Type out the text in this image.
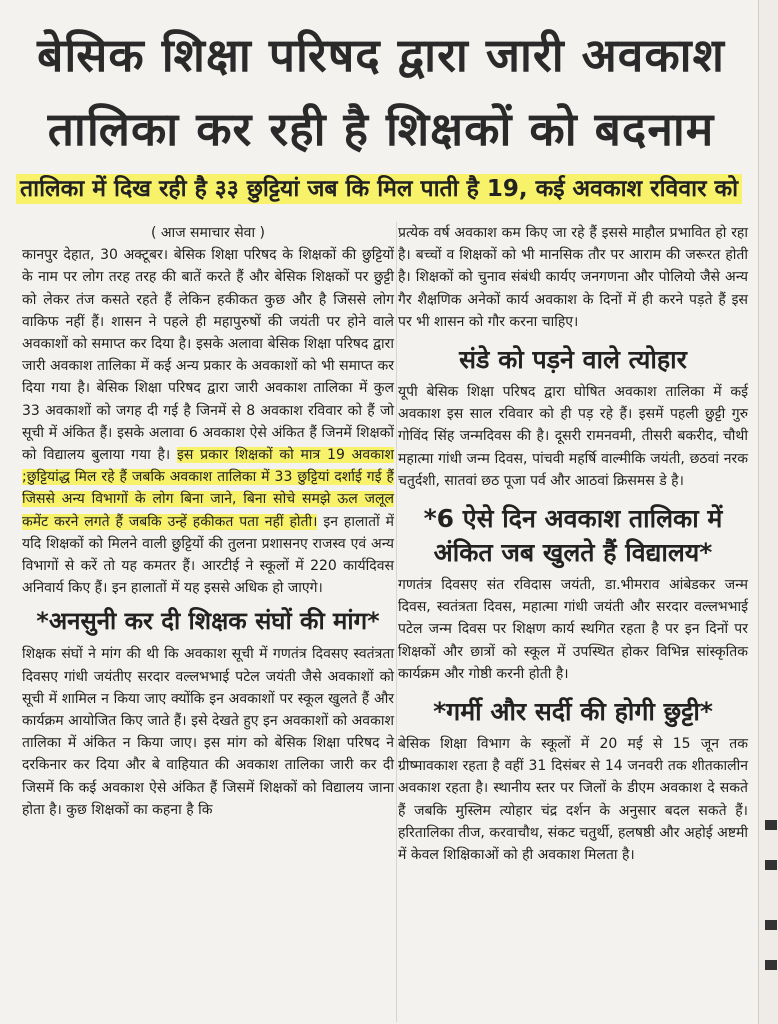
बेसिक शिक्षा परिषद द्वारा जारी अवकाश
तालिका कर रही है शिक्षकों को बदनाम
तालिका में दिख रही है ३३ छुट्टियां जब कि मिल पाती है 19, कई अवकाश रविवार को
( आज समाचार सेवा )

कानपुर देहात, 30 अक्टूबर। बेसिक शिक्षा परिषद के शिक्षकों की छुट्टियों के नाम पर लोग तरह तरह की बातें करते हैं और बेसिक शिक्षकों पर छुट्टी को लेकर तंज कसते रहते हैं लेकिन हकीकत कुछ और है जिससे लोग वाकिफ नहीं हैं। शासन ने पहले ही महापुरुषों की जयंती पर होने वाले अवकाशों को समाप्त कर दिया है। इसके अलावा बेसिक शिक्षा परिषद द्वारा जारी अवकाश तालिका में कई अन्य प्रकार के अवकाशों को भी समाप्त कर दिया गया है। बेसिक शिक्षा परिषद द्वारा जारी अवकाश तालिका में कुल 33 अवकाशों को जगह दी गई है जिनमें से 8 अवकाश रविवार को हैं जो सूची में अंकित हैं। इसके अलावा 6 अवकाश ऐसे अंकित हैं जिनमें शिक्षकों को विद्यालय बुलाया गया है। इस प्रकार शिक्षकों को मात्र 19 अवकाश ;छुट्टियांद्ध मिल रहे हैं जबकि अवकाश तालिका में 33 छुट्टियां दर्शाई गई हैं जिससे अन्य विभागों के लोग बिना जाने, बिना सोचे समझे ऊल जलूल कमेंट करने लगते हैं जबकि उन्हें हकीकत पता नहीं होती। इन हालातों में यदि शिक्षकों को मिलने वाली छुट्टियों की तुलना प्रशासनए राजस्व एवं अन्य विभागों से करें तो यह कमतर हैं। आरटीई ने स्कूलों में 220 कार्यदिवस अनिवार्य किए हैं। इन हालातों में यह इससे अधिक हो जाएगे।

*अनसुनी कर दी शिक्षक संघों की मांग*

शिक्षक संघों ने मांग की थी कि अवकाश सूची में गणतंत्र दिवसए स्वतंत्रता दिवसए गांधी जयंतीए सरदार वल्लभभाई पटेल जयंती जैसे अवकाशों को सूची में शामिल न किया जाए क्योंकि इन अवकाशों पर स्कूल खुलते हैं और कार्यक्रम आयोजित किए जाते हैं। इसे देखते हुए इन अवकाशों को अवकाश तालिका में अंकित न किया जाए। इस मांग को बेसिक शिक्षा परिषद ने दरकिनार कर दिया और बे वाहियात की अवकाश तालिका जारी कर दी जिसमें कि कई अवकाश ऐसे अंकित हैं जिसमें शिक्षकों को विद्यालय जाना होता है। कुछ शिक्षकों का कहना है कि

प्रत्येक वर्ष अवकाश कम किए जा रहे हैं इससे माहौल प्रभावित हो रहा है। बच्चों व शिक्षकों को भी मानसिक तौर पर आराम की जरूरत होती है। शिक्षकों को चुनाव संबंधी कार्यए जनगणना और पोलियो जैसे अन्य गैर शैक्षणिक अनेकों कार्य अवकाश के दिनों में ही करने पड़ते हैं इस पर भी शासन को गौर करना चाहिए।

संडे को पड़ने वाले त्योहार

यूपी बेसिक शिक्षा परिषद द्वारा घोषित अवकाश तालिका में कई अवकाश इस साल रविवार को ही पड़ रहे हैं। इसमें पहली छुट्टी गुरु गोविंद सिंह जन्मदिवस की है। दूसरी रामनवमी, तीसरी बकरीद, चौथी महात्मा गांधी जन्म दिवस, पांचवी महर्षि वाल्मीकि जयंती, छठवां नरक चतुर्दशी, सातवां छठ पूजा पर्व और आठवां क्रिसमस डे है।

*6 ऐसे दिन अवकाश तालिका में
अंकित जब खुलते हैं विद्यालय*

गणतंत्र दिवसए संत रविदास जयंती, डा.भीमराव आंबेडकर जन्म दिवस, स्वतंत्रता दिवस, महात्मा गांधी जयंती और सरदार वल्लभभाई पटेल जन्म दिवस पर शिक्षण कार्य स्थगित रहता है पर इन दिनों पर शिक्षकों और छात्रों को स्कूल में उपस्थित होकर विभिन्न सांस्कृतिक कार्यक्रम और गोष्ठी करनी होती है।

*गर्मी और सर्दी की होगी छुट्टी*

बेसिक शिक्षा विभाग के स्कूलों में 20 मई से 15 जून तक ग्रीष्मावकाश रहता है वहीं 31 दिसंबर से 14 जनवरी तक शीतकालीन अवकाश रहता है। स्थानीय स्तर पर जिलों के डीएम अवकाश दे सकते हैं जबकि मुस्लिम त्योहार चंद्र दर्शन के अनुसार बदल सकते हैं। हरितालिका तीज, करवाचौथ, संकट चतुर्थी, हलषष्ठी और अहोई अष्टमी में केवल शिक्षिकाओं को ही अवकाश मिलता है।
